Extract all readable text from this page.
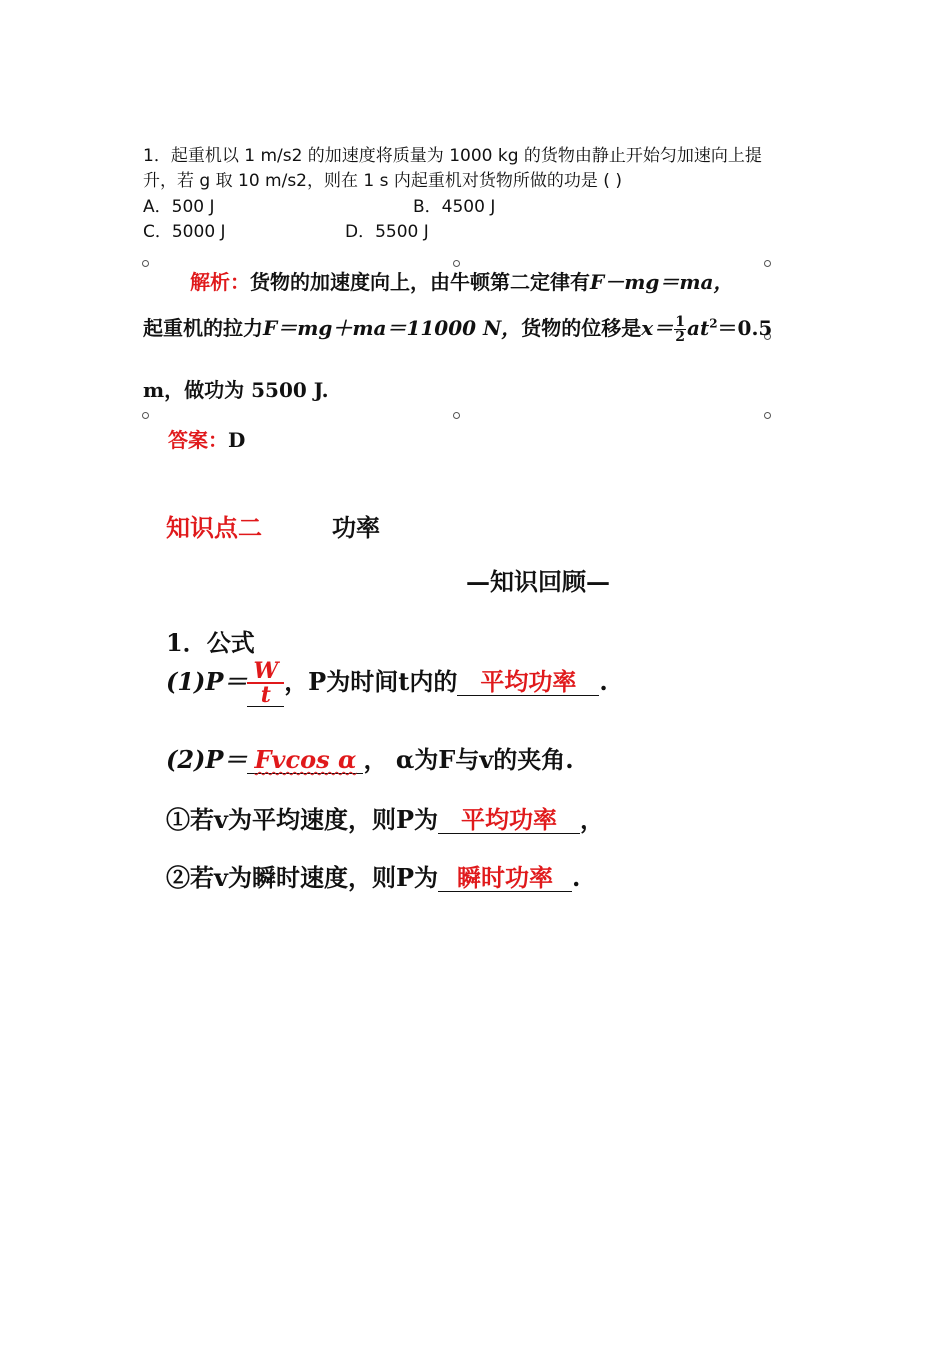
1．起重机以 1 m/s2 的加速度将质量为 1000 kg 的货物由静止开始匀加速向上提
升，若 g 取 10 m/s2，则在 1 s 内起重机对货物所做的功是 ( )
A．500 J	B．4500 J
C．5000 J	D．5500 J
解析：货物的加速度向上，由牛顿第二定律有F－mg＝ma，
起重机的拉力F＝mg＋ma＝11000 N，货物的位移是$x= \frac{1}{2} at^2=0.5$
m，做功为 5500 J.
答案：D
知识点二	功率
—知识回顾—
1．公式
$(1)P= \frac{W}{t}$ ，P为时间t内的 平均功率 .
(2)P＝ Fvcos α ， α为F与v的夹角.
①若v为平均速度，则P为 平均功率 ，
②若v为瞬时速度，则P为 瞬时功率 .
